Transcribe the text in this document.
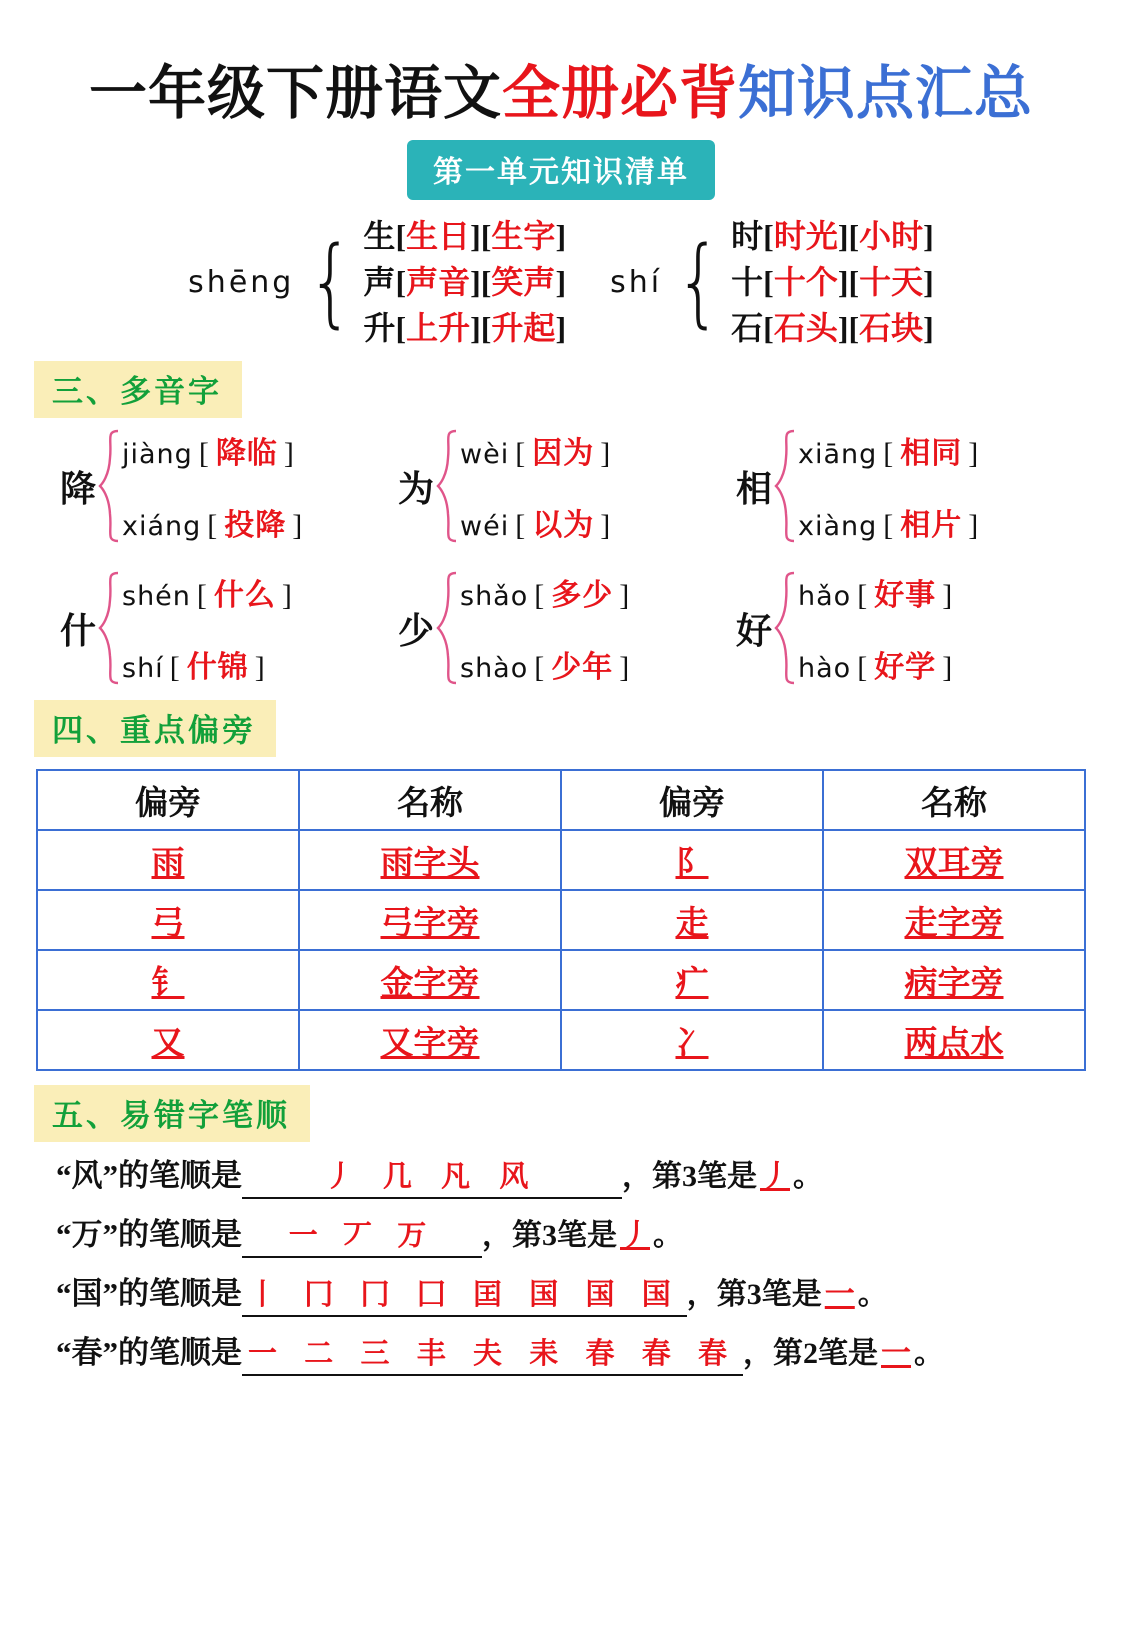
一年级下册语文全册必背知识点汇总
第一单元知识清单
shēng { 生[生日][生字]
声[声音][笑声]
升[上升][升起]
shí { 时[时光][小时]
十[十个][十天]
石[石头][石块]
三、多音字
降
jiàng [ 降临 ]
xiáng [ 投降 ]
为
wèi [ 因为 ]
wéi [ 以为 ]
相
xiāng [ 相同 ]
xiàng [ 相片 ]
什
shén [ 什么 ]
shí [ 什锦 ]
少
shǎo [ 多少 ]
shào [ 少年 ]
好
hǎo [ 好事 ]
hào [ 好学 ]
四、重点偏旁
偏旁	名称	偏旁	名称
雨	雨字头	阝	双耳旁
弓	弓字旁	走	走字旁
钅	金字旁	疒	病字旁
又	又字旁	冫	两点水
五、易错字笔顺
“风”的笔顺是	丿 几 凡 风	，第3笔是 丿 。
“万”的笔顺是	一 丆 万	，第3笔是 丿 。
“国”的笔顺是 丨 冂 冂 囗 囯 国 国 国 ，第3笔是 一 。
“春”的笔顺是 一 二 三 丰 夫 耒 春 春 春 ，第2笔是 一 。
